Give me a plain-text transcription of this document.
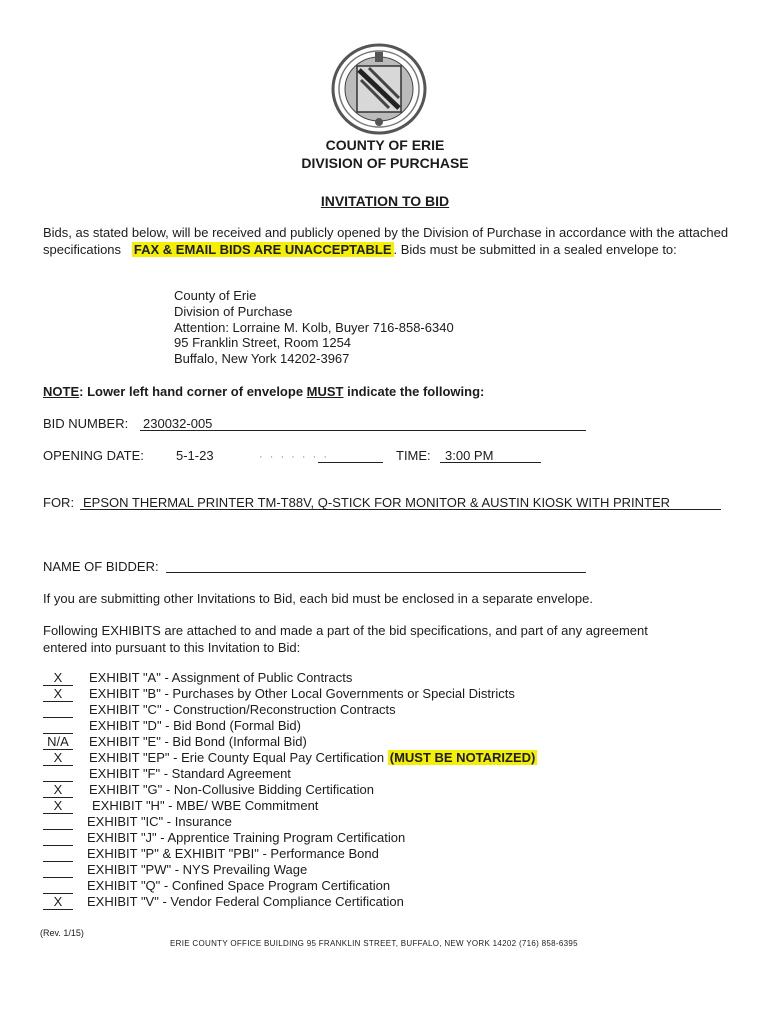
COUNTY OF ERIE
DIVISION OF PURCHASE
INVITATION TO BID
Bids, as stated below, will be received and publicly opened by the Division of Purchase in accordance with the attached specifications FAX & EMAIL BIDS ARE UNACCEPTABLE . Bids must be submitted in a sealed envelope to:
County of Erie
Division of Purchase
Attention: Lorraine M. Kolb, Buyer 716-858-6340
95 Franklin Street, Room 1254
Buffalo, New York 14202-3967
NOTE: Lower left hand corner of envelope MUST indicate the following:
BID NUMBER: 230032-005
OPENING DATE: 5-1-23	· · · · · · ·	TIME: 3:00 PM
FOR: EPSON THERMAL PRINTER TM-T88V, Q-STICK FOR MONITOR & AUSTIN KIOSK WITH PRINTER
NAME OF BIDDER:
If you are submitting other Invitations to Bid, each bid must be enclosed in a separate envelope.
Following EXHIBITS are attached to and made a part of the bid specifications, and part of any agreement entered into pursuant to this Invitation to Bid:
X	EXHIBIT "A" - Assignment of Public Contracts
X	EXHIBIT "B" - Purchases by Other Local Governments or Special Districts
EXHIBIT "C" - Construction/Reconstruction Contracts
EXHIBIT "D" - Bid Bond (Formal Bid)
N/A	EXHIBIT "E" - Bid Bond (Informal Bid)
X	EXHIBIT "EP" - Erie County Equal Pay Certification (MUST BE NOTARIZED)
EXHIBIT "F" - Standard Agreement
X	EXHIBIT "G" - Non-Collusive Bidding Certification
X	EXHIBIT "H" - MBE/ WBE Commitment
EXHIBIT "IC" - Insurance
EXHIBIT "J" - Apprentice Training Program Certification
EXHIBIT "P" & EXHIBIT "PBI" - Performance Bond
EXHIBIT "PW" - NYS Prevailing Wage
EXHIBIT "Q" - Confined Space Program Certification
X	EXHIBIT "V" - Vendor Federal Compliance Certification
(Rev. 1/15)
ERIE COUNTY OFFICE BUILDING 95 FRANKLIN STREET, BUFFALO, NEW YORK 14202 (716) 858-6395
